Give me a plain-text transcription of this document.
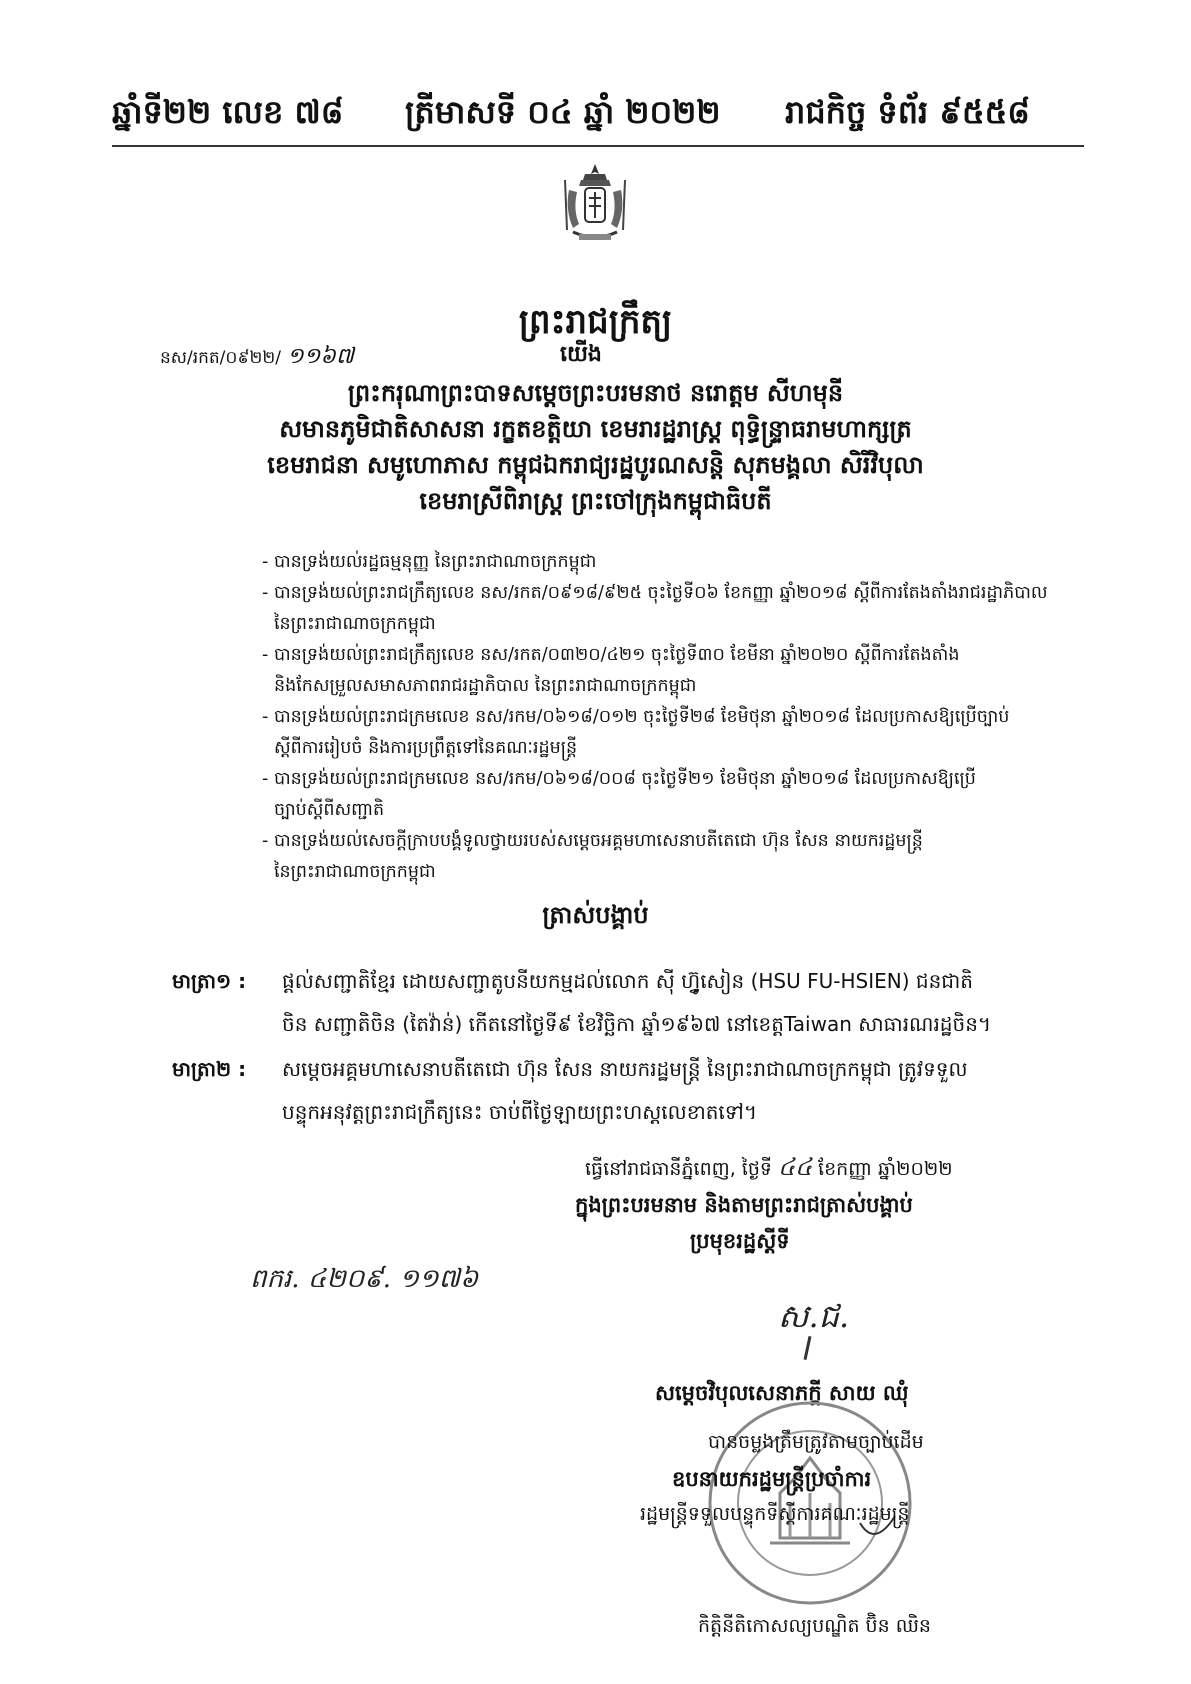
ឆ្នាំទី២២ លេខ ៧៨ ត្រីមាសទី ០៤ ឆ្នាំ ២០២២ រាជកិច្ច ទំព័រ ៩៥៥៨
ព្រះរាជក្រឹត្យ
នស/រកត/០៩២២/ ១១៦៧	យើង
ព្រះករុណាព្រះបាទសម្តេចព្រះបរមនាថ នរោត្តម សីហមុនី
សមានភូមិជាតិសាសនា រក្ខតខត្តិយា ខេមរារដ្ឋរាស្ត្រ ពុទ្ធិន្ទ្រាធរាមហាក្សត្រ
ខេមរាជនា សមូហោភាស កម្ពុជឯករាជ្យរដ្ឋបូរណសន្តិ សុភមង្គលា សិរីវិបុលា
ខេមរាស្រីពិរាស្ត្រ ព្រះចៅក្រុងកម្ពុជាធិបតី
- បានទ្រង់យល់រដ្ឋធម្មនុញ្ញ នៃព្រះរាជាណាចក្រកម្ពុជា
- បានទ្រង់យល់ព្រះរាជក្រឹត្យលេខ នស/រកត/០៩១៨/៩២៥ ចុះថ្ងៃទី០៦ ខែកញ្ញា ឆ្នាំ២០១៨ ស្តីពីការតែងតាំងរាជរដ្ឋាភិបាល
នៃព្រះរាជាណាចក្រកម្ពុជា
- បានទ្រង់យល់ព្រះរាជក្រឹត្យលេខ នស/រកត/០៣២០/៤២១ ចុះថ្ងៃទី៣០ ខែមីនា ឆ្នាំ២០២០ ស្តីពីការតែងតាំង
និងកែសម្រួលសមាសភាពរាជរដ្ឋាភិបាល នៃព្រះរាជាណាចក្រកម្ពុជា
- បានទ្រង់យល់ព្រះរាជក្រមលេខ នស/រកម/០៦១៨/០១២ ចុះថ្ងៃទី២៨ ខែមិថុនា ឆ្នាំ២០១៨ ដែលប្រកាសឱ្យប្រើច្បាប់
ស្តីពីការរៀបចំ និងការប្រព្រឹត្តទៅនៃគណៈរដ្ឋមន្ត្រី
- បានទ្រង់យល់ព្រះរាជក្រមលេខ នស/រកម/០៦១៨/០០៨ ចុះថ្ងៃទី២១ ខែមិថុនា ឆ្នាំ២០១៨ ដែលប្រកាសឱ្យប្រើ
ច្បាប់ស្តីពីសញ្ជាតិ
- បានទ្រង់យល់សេចក្តីក្រាបបង្គំទូលថ្វាយរបស់សម្តេចអគ្គមហាសេនាបតីតេជោ ហ៊ុន សែន នាយករដ្ឋមន្ត្រី
នៃព្រះរាជាណាចក្រកម្ពុជា
ត្រាស់បង្គាប់
មាត្រា១ : ផ្តល់សញ្ជាតិខ្មែរ ដោយសញ្ជាតូបនីយកម្មដល់លោក ស៊ី ហ្វ៊ូសៀន (HSU FU-HSIEN) ជនជាតិ
ចិន សញ្ជាតិចិន (តៃវ៉ាន់) កើតនៅថ្ងៃទី៩ ខែវិច្ឆិកា ឆ្នាំ១៩៦៧ នៅខេត្តTaiwan សាធារណរដ្ឋចិន។
មាត្រា២ : សម្តេចអគ្គមហាសេនាបតីតេជោ ហ៊ុន សែន នាយករដ្ឋមន្ត្រី នៃព្រះរាជាណាចក្រកម្ពុជា ត្រូវទទួល
បន្ទុកអនុវត្តព្រះរាជក្រឹត្យនេះ ចាប់ពីថ្ងៃឡាយព្រះហស្តលេខាតទៅ។
ធ្វើនៅរាជធានីភ្នំពេញ, ថ្ងៃទី ៤៤ ខែកញ្ញា ឆ្នាំ២០២២
ក្នុងព្រះបរមនាម និងតាមព្រះរាជត្រាស់បង្គាប់
ប្រមុខរដ្ឋស្តីទី
ពករ. ៤២០៩. ១១៧៦
ស.ជ.
សម្តេចវិបុលសេនាភក្តី សាយ ឈុំ
បានចម្លងត្រឹមត្រូវតាមច្បាប់ដើម
ឧបនាយករដ្ឋមន្ត្រីប្រចាំការ
រដ្ឋមន្ត្រីទទួលបន្ទុកទីស្តីការគណៈរដ្ឋមន្ត្រី
កិត្តិនីតិកោសល្យបណ្ឌិត ប៊ិន ឈិន
